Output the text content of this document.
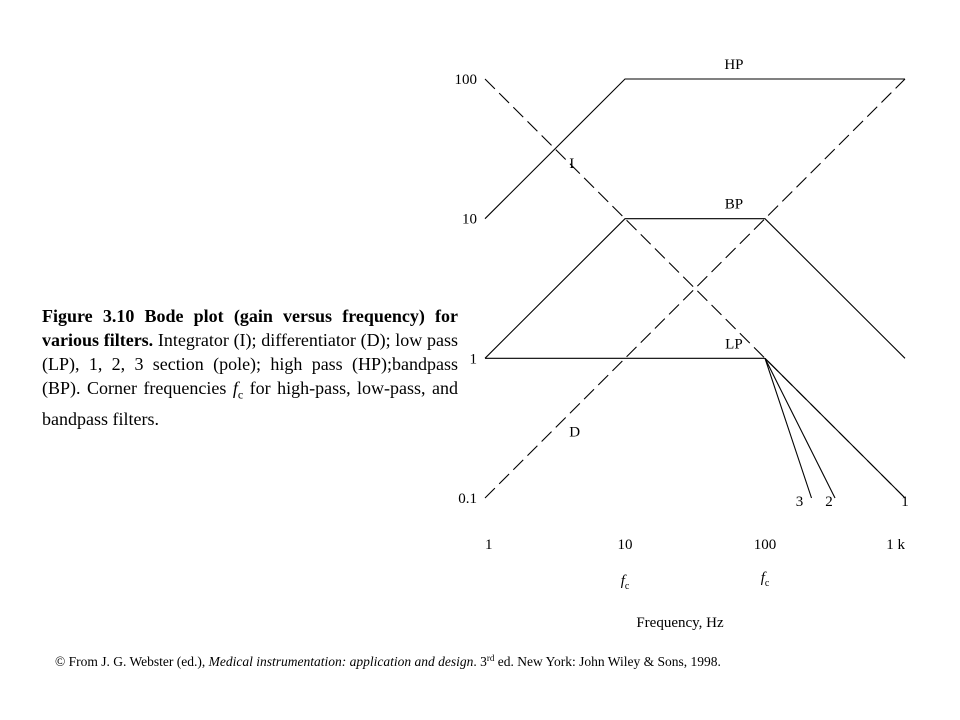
HP
BP
LP
1
2
3
I
D
100
10
1
0.1
1	10	100	1 k
$f_c$
$f_c$
Frequency, Hz
Figure 3.10 Bode plot (gain versus frequency) for various filters. Integrator (I); differentiator (D); low pass (LP), 1, 2, 3 section (pole); high pass (HP);bandpass (BP). Corner frequencies $f_c$ for high-pass, low-pass, and bandpass filters.
© From J. G. Webster (ed.), Medical instrumentation: application and design. 3rd ed. New York: John Wiley & Sons, 1998.
